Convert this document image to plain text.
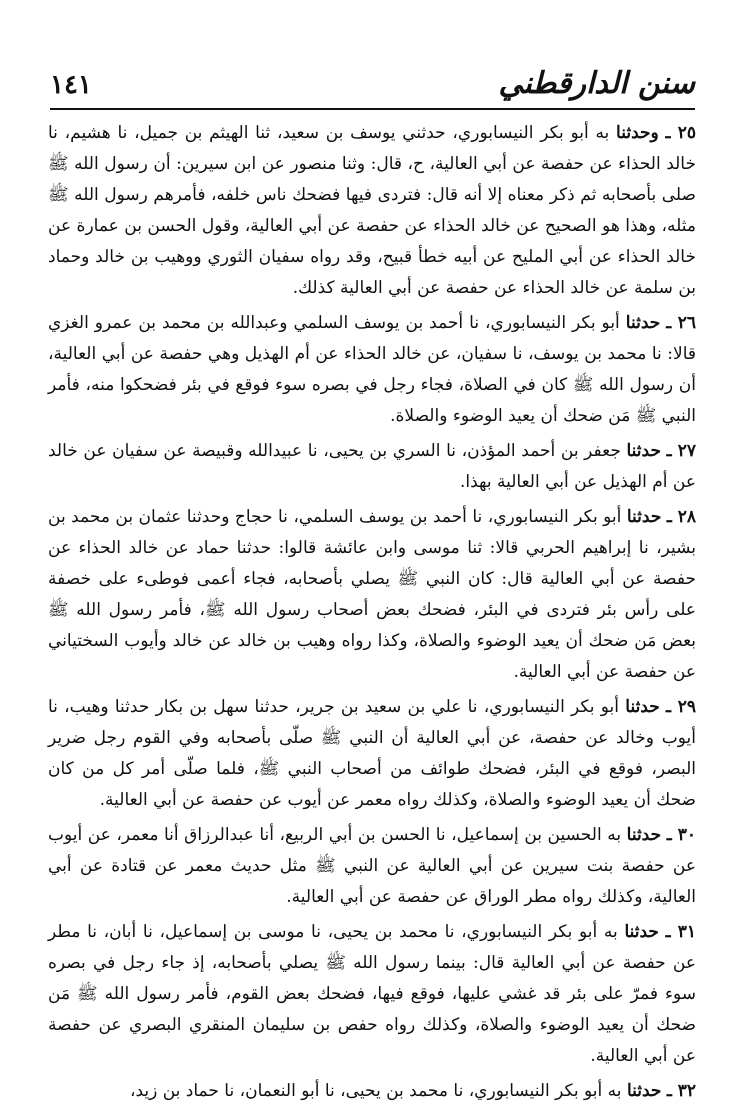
سنن الدارقطني
١٤١

٢٥ ـ وحدثنا به أبو بكر النيسابوري، حدثني يوسف بن سعيد، ثنا الهيثم بن جميل، نا هشيم، نا خالد الحذاء عن حفصة عن أبي العالية، ح، قال: وثنا منصور عن ابن سيرين: أن رسول الله ﷺ صلى بأصحابه ثم ذكر معناه إلا أنه قال: فتردى فيها فضحك ناس خلفه، فأمرهم رسول الله ﷺ مثله، وهذا هو الصحيح عن خالد الحذاء عن حفصة عن أبي العالية، وقول الحسن بن عمارة عن خالد الحذاء عن أبي المليح عن أبيه خطأ قبيح، وقد رواه سفيان الثوري ووهيب بن خالد وحماد بن سلمة عن خالد الحذاء عن حفصة عن أبي العالية كذلك.

٢٦ ـ حدثنا أبو بكر النيسابوري، نا أحمد بن يوسف السلمي وعبدالله بن محمد بن عمرو الغزي قالا: نا محمد بن يوسف، نا سفيان، عن خالد الحذاء عن أم الهذيل وهي حفصة عن أبي العالية، أن رسول الله ﷺ كان في الصلاة، فجاء رجل في بصره سوء فوقع في بئر فضحكوا منه، فأمر النبي ﷺ مَن ضحك أن يعيد الوضوء والصلاة.

٢٧ ـ حدثنا جعفر بن أحمد المؤذن، نا السري بن يحيى، نا عبيدالله وقبيصة عن سفيان عن خالد عن أم الهذيل عن أبي العالية بهذا.

٢٨ ـ حدثنا أبو بكر النيسابوري، نا أحمد بن يوسف السلمي، نا حجاج وحدثنا عثمان بن محمد بن بشير، نا إبراهيم الحربي قالا: ثنا موسى وابن عائشة قالوا: حدثنا حماد عن خالد الحذاء عن حفصة عن أبي العالية قال: كان النبي ﷺ يصلي بأصحابه، فجاء أعمى فوطىء على خصفة على رأس بئر فتردى في البئر، فضحك بعض أصحاب رسول الله ﷺ، فأمر رسول الله ﷺ بعض مَن ضحك أن يعيد الوضوء والصلاة، وكذا رواه وهيب بن خالد عن خالد وأيوب السختياني عن حفصة عن أبي العالية.

٢٩ ـ حدثنا أبو بكر النيسابوري، نا علي بن سعيد بن جرير، حدثنا سهل بن بكار حدثنا وهيب، نا أيوب وخالد عن حفصة، عن أبي العالية أن النبي ﷺ صلّى بأصحابه وفي القوم رجل ضرير البصر، فوقع في البئر، فضحك طوائف من أصحاب النبي ﷺ، فلما صلّى أمر كل من كان ضحك أن يعيد الوضوء والصلاة، وكذلك رواه معمر عن أيوب عن حفصة عن أبي العالية.

٣٠ ـ حدثنا به الحسين بن إسماعيل، نا الحسن بن أبي الربيع، أنا عبدالرزاق أنا معمر، عن أيوب عن حفصة بنت سيرين عن أبي العالية عن النبي ﷺ مثل حديث معمر عن قتادة عن أبي العالية، وكذلك رواه مطر الوراق عن حفصة عن أبي العالية.

٣١ ـ حدثنا به أبو بكر النيسابوري، نا محمد بن يحيى، نا موسى بن إسماعيل، نا أبان، نا مطر عن حفصة عن أبي العالية قال: بينما رسول الله ﷺ يصلي بأصحابه، إذ جاء رجل في بصره سوء فمرّ على بئر قد غشي عليها، فوقع فيها، فضحك بعض القوم، فأمر رسول الله ﷺ مَن ضحك أن يعيد الوضوء والصلاة، وكذلك رواه حفص بن سليمان المنقري البصري عن حفصة عن أبي العالية.

٣٢ ـ حدثنا به أبو بكر النيسابوري، نا محمد بن يحيى، نا أبو النعمان، نا حماد بن زيد،
